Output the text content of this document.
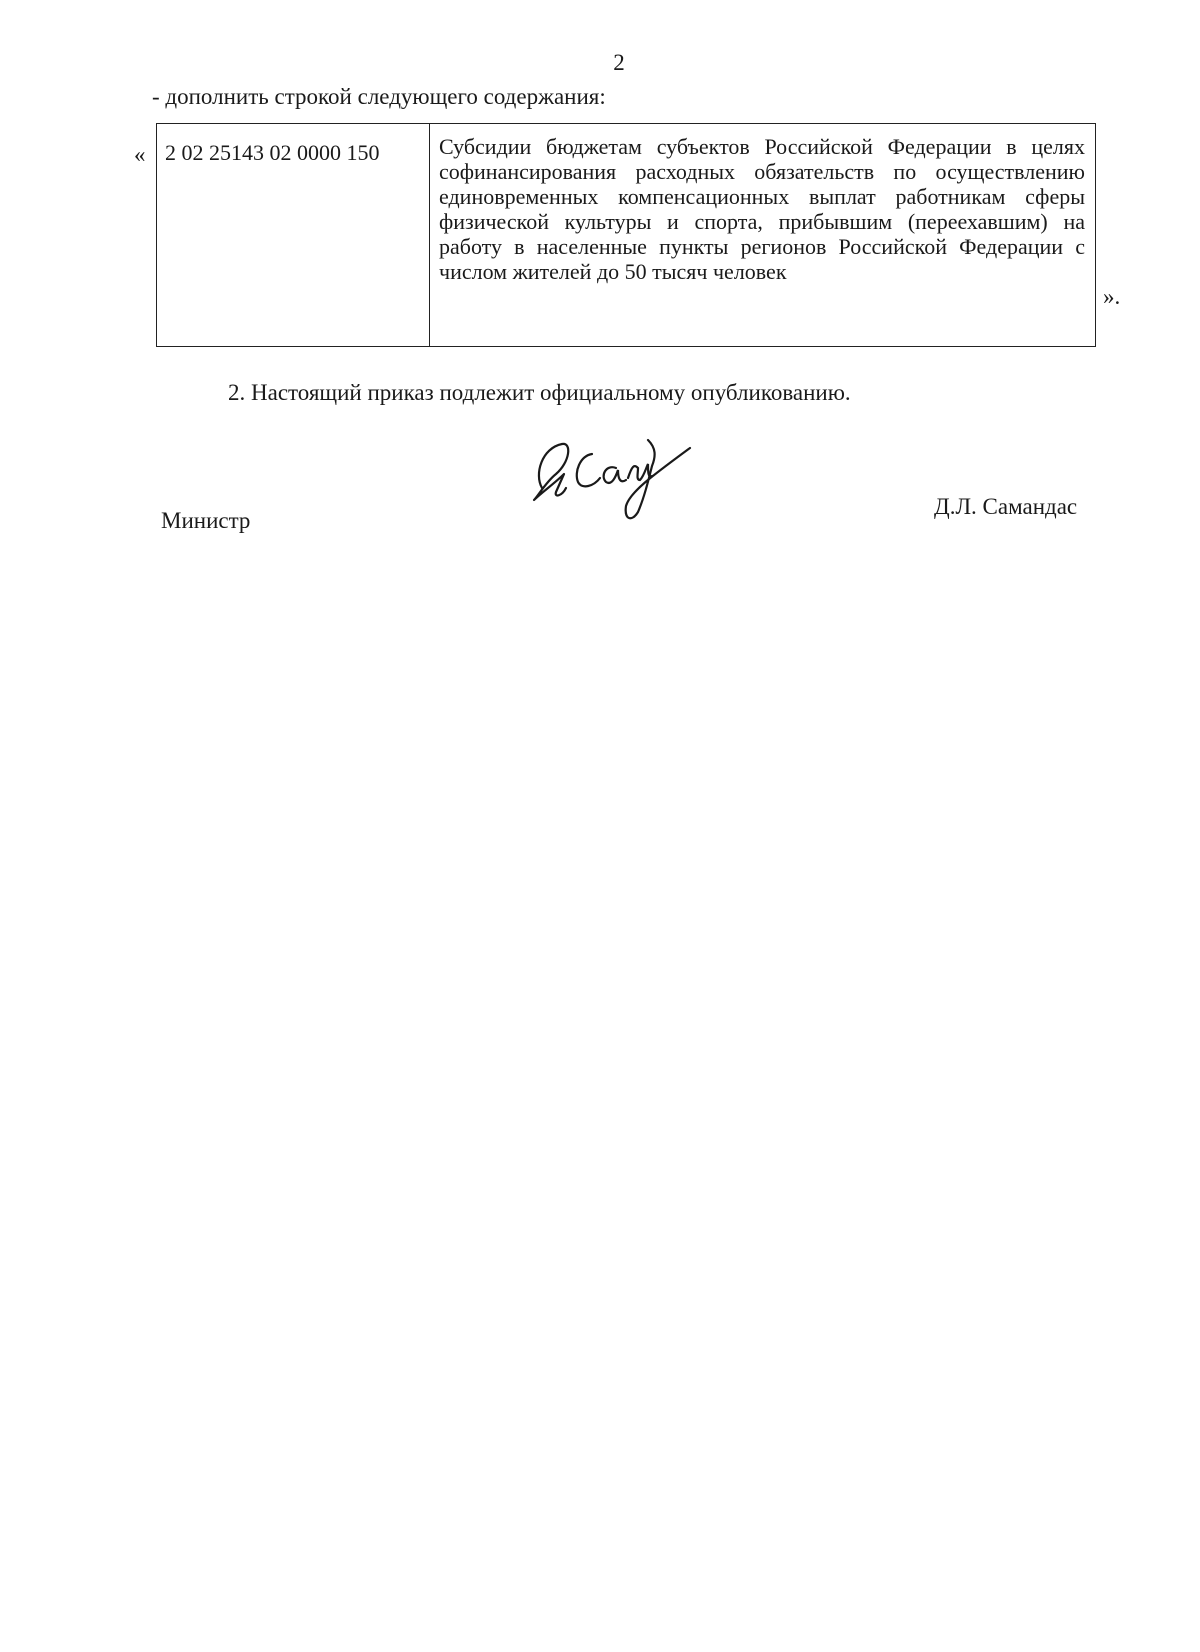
2
- дополнить строкой следующего содержания:
« 2 02 25143 02 0000 150	Субсидии бюджетам субъектов Российской Федерации в целях софинансирования расходных обязательств по осуществлению единовременных компенсационных выплат работникам сферы физической культуры и спорта, прибывшим (переехавшим) на работу в населенные пункты регионов Российской Федерации с числом жителей до 50 тысяч человек
».
2. Настоящий приказ подлежит официальному опубликованию.
Министр
Д.Л. Самандас
